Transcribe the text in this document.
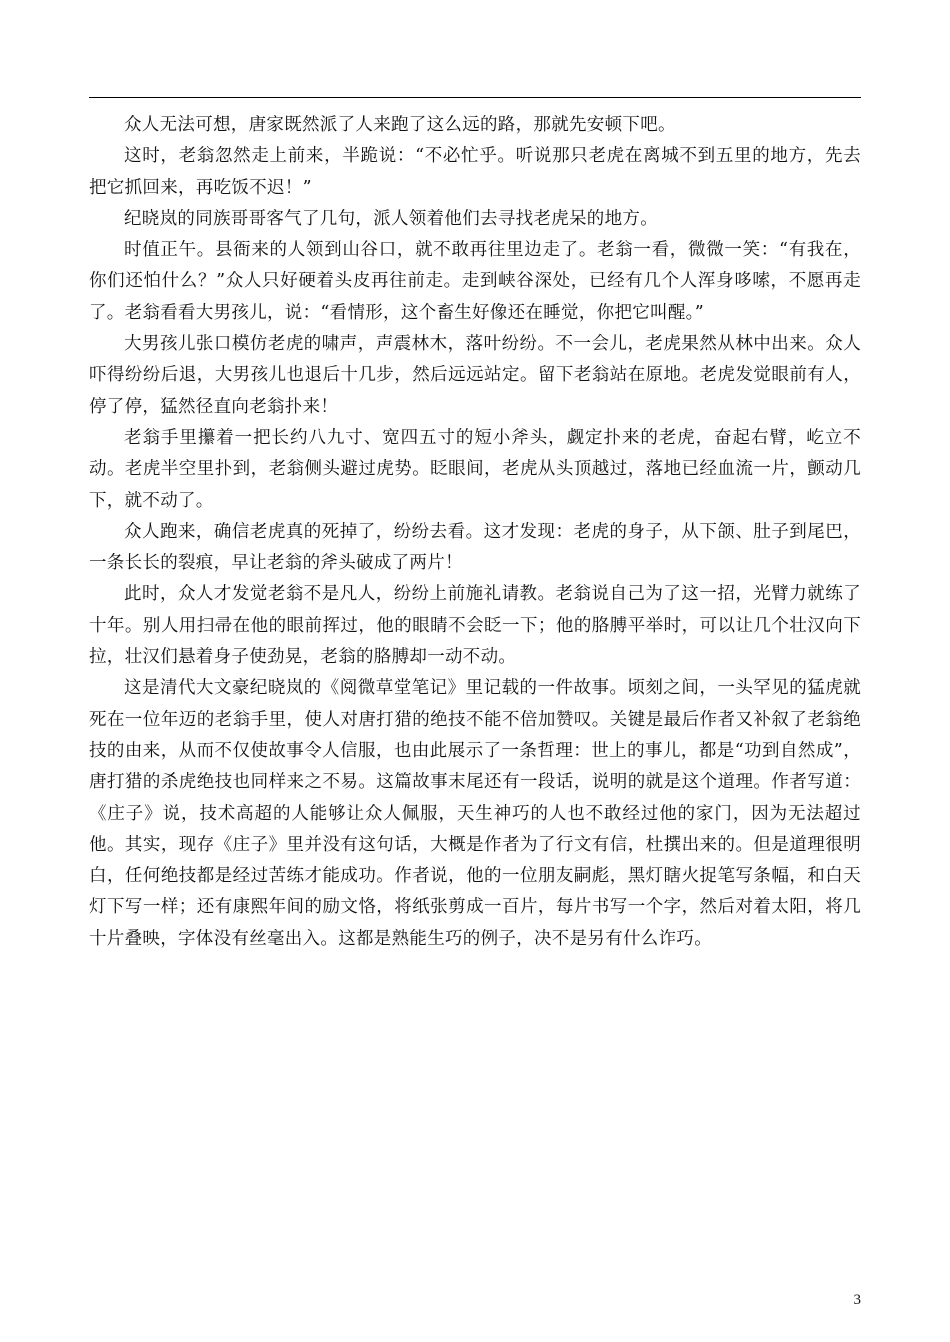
众人无法可想，唐家既然派了人来跑了这么远的路，那就先安顿下吧。

这时，老翁忽然走上前来，半跪说：“不必忙乎。听说那只老虎在离城不到五里的地方，先去把它抓回来，再吃饭不迟！”

纪晓岚的同族哥哥客气了几句，派人领着他们去寻找老虎呆的地方。

时值正午。县衙来的人领到山谷口，就不敢再往里边走了。老翁一看，微微一笑：“有我在，你们还怕什么？”众人只好硬着头皮再往前走。走到峡谷深处，已经有几个人浑身哆嗦，不愿再走了。老翁看看大男孩儿，说：“看情形，这个畜生好像还在睡觉，你把它叫醒。”

大男孩儿张口模仿老虎的啸声，声震林木，落叶纷纷。不一会儿，老虎果然从林中出来。众人吓得纷纷后退，大男孩儿也退后十几步，然后远远站定。留下老翁站在原地。老虎发觉眼前有人，停了停，猛然径直向老翁扑来！

老翁手里攥着一把长约八九寸、宽四五寸的短小斧头，觑定扑来的老虎，奋起右臂，屹立不动。老虎半空里扑到，老翁侧头避过虎势。眨眼间，老虎从头顶越过，落地已经血流一片，颤动几下，就不动了。

众人跑来，确信老虎真的死掉了，纷纷去看。这才发现：老虎的身子，从下颌、肚子到尾巴，一条长长的裂痕，早让老翁的斧头破成了两片！

此时，众人才发觉老翁不是凡人，纷纷上前施礼请教。老翁说自己为了这一招，光臂力就练了十年。别人用扫帚在他的眼前挥过，他的眼睛不会眨一下；他的胳膊平举时，可以让几个壮汉向下拉，壮汉们悬着身子使劲晃，老翁的胳膊却一动不动。

这是清代大文豪纪晓岚的《阅微草堂笔记》里记载的一件故事。顷刻之间，一头罕见的猛虎就死在一位年迈的老翁手里，使人对唐打猎的绝技不能不倍加赞叹。关键是最后作者又补叙了老翁绝技的由来，从而不仅使故事令人信服，也由此展示了一条哲理：世上的事儿，都是“功到自然成”，唐打猎的杀虎绝技也同样来之不易。这篇故事末尾还有一段话，说明的就是这个道理。作者写道：《庄子》说，技术高超的人能够让众人佩服，天生神巧的人也不敢经过他的家门，因为无法超过他。其实，现存《庄子》里并没有这句话，大概是作者为了行文有信，杜撰出来的。但是道理很明白，任何绝技都是经过苦练才能成功。作者说，他的一位朋友嗣彪，黑灯瞎火捉笔写条幅，和白天灯下写一样；还有康熙年间的励文恪，将纸张剪成一百片，每片书写一个字，然后对着太阳，将几十片叠映，字体没有丝毫出入。这都是熟能生巧的例子，决不是另有什么诈巧。

3
